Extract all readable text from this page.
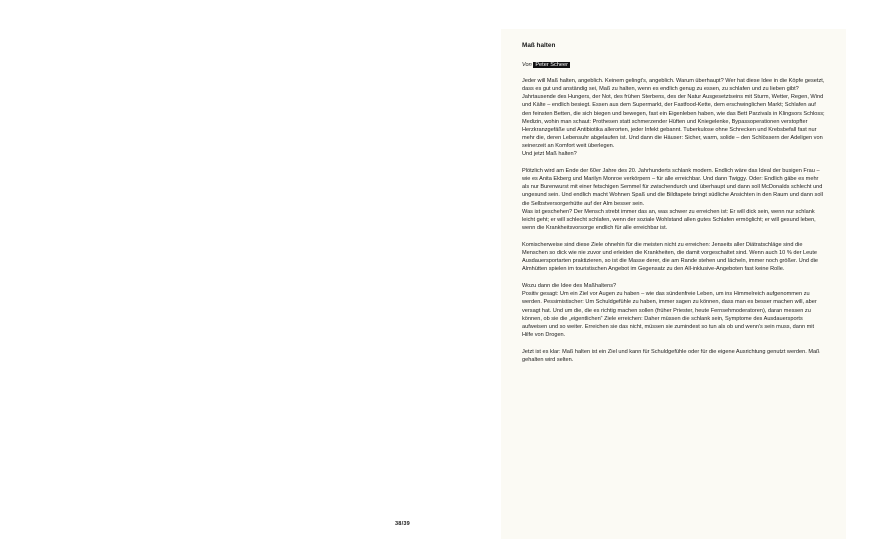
Maß halten

Von Peter Scheer

Jeder will Maß halten, angeblich. Keinem gelingt's, angeblich. Warum überhaupt? Wer hat diese Idee in die Köpfe gesetzt, dass es gut und anständig sei, Maß zu halten, wenn es endlich genug zu essen, zu schlafen und zu lieben gibt? Jahrtausende des Hungers, der Not, des frühen Sterbens, des der Natur Ausgesetztseins mit Sturm, Wetter, Regen, Wind und Kälte – endlich besiegt. Essen aus dem Supermarkt, der Fastfood-Kette, dem erschwinglichen Markt; Schlafen auf den feinsten Betten, die sich biegen und bewegen, fast ein Eigenleben haben, wie das Bett Parzivals in Klingsors Schloss; Medizin, wohin man schaut: Prothesen statt schmerzender Hüften und Kniegelenke, Bypassoperationen verstopfter Herzkranzgefäße und Antibiotika allerorten, jeder Infekt gebannt. Tuberkulose ohne Schrecken und Krebsbefall fast nur mehr die, deren Lebensuhr abgelaufen ist. Und dann die Häuser: Sicher, warm, solide – den Schlössern der Adeligen von seinerzeit an Komfort weit überlegen.

Und jetzt Maß halten?

Plötzlich wird am Ende der 60er Jahre des 20. Jahrhunderts schlank modern. Endlich wäre das Ideal der busigen Frau – wie es Anita Ekberg und Marilyn Monroe verkörpern – für alle erreichbar. Und dann Twiggy. Oder: Endlich gäbe es mehr als nur Burenwurst mit einer fetschigen Semmel für zwischendurch und überhaupt und dann soll McDonalds schlecht und ungesund sein. Und endlich macht Wohnen Spaß und die Bildtapete bringt südliche Ansichten in den Raum und dann soll die Selbstversorgerhütte auf der Alm besser sein.

Was ist geschehen? Der Mensch strebt immer das an, was schwer zu erreichen ist: Er will dick sein, wenn nur schlank leicht geht; er will schlecht schlafen, wenn der soziale Wohlstand allen gutes Schlafen ermöglicht; er will gesund leben, wenn die Krankheitsvorsorge endlich für alle erreichbar ist.

Komischerweise sind diese Ziele ohnehin für die meisten nicht zu erreichen: Jenseits aller Diätratschläge sind die Menschen so dick wie nie zuvor und erleiden die Krankheiten, die damit vorgeschaltet sind. Wenn auch 10 % der Leute Ausdauersportarten praktizieren, so ist die Masse derer, die am Rande stehen und lächeln, immer noch größer. Und die Almhütten spielen im touristischen Angebot im Gegensatz zu den All-inklusive-Angeboten fast keine Rolle.

Wozu dann die Idee des Maßhaltens?

Positiv gesagt: Um ein Ziel vor Augen zu haben – wie das sündenfreie Leben, um ins Himmelreich aufgenommen zu werden. Pessimistischer: Um Schuldgefühle zu haben, immer sagen zu können, dass man es besser machen will, aber versagt hat. Und um die, die es richtig machen sollen (früher Priester, heute Fernsehmoderatoren), daran messen zu können, ob sie die „eigentlichen“ Ziele erreichen: Daher müssen die schlank sein, Symptome des Ausdauersports aufweisen und so weiter. Erreichen sie das nicht, müssen sie zumindest so tun als ob und wenn's sein muss, dann mit Hilfe von Drogen.

Jetzt ist es klar: Maß halten ist ein Ziel und kann für Schuldgefühle oder für die eigene Ausrichtung genutzt werden. Maß gehalten wird selten.

38/39
